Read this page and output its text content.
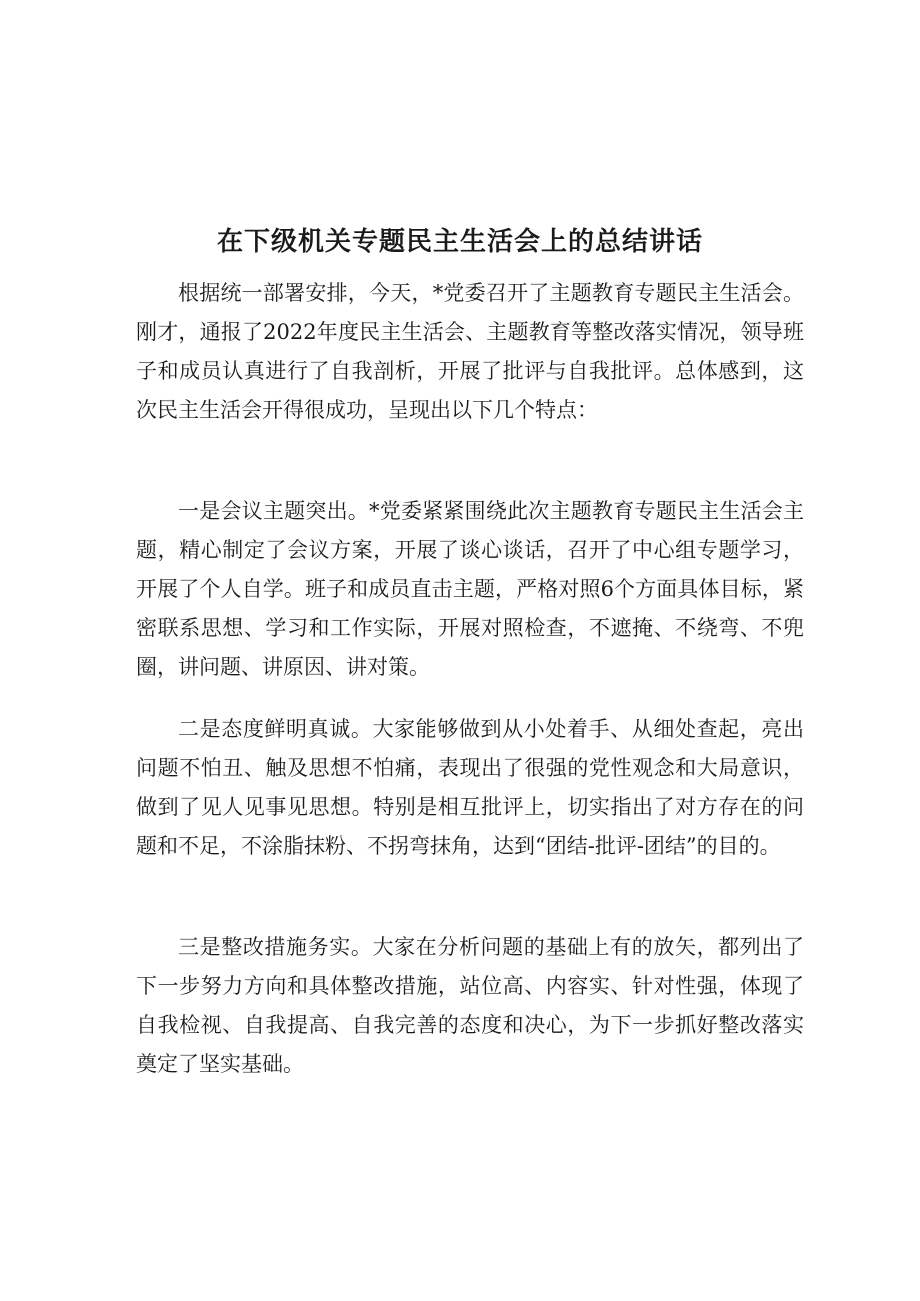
在下级机关专题民主生活会上的总结讲话

根据统一部署安排，今天，*党委召开了主题教育专题民主生活会。刚才，通报了2022年度民主生活会、主题教育等整改落实情况，领导班子和成员认真进行了自我剖析，开展了批评与自我批评。总体感到，这次民主生活会开得很成功，呈现出以下几个特点：

一是会议主题突出。*党委紧紧围绕此次主题教育专题民主生活会主题，精心制定了会议方案，开展了谈心谈话，召开了中心组专题学习，开展了个人自学。班子和成员直击主题，严格对照6个方面具体目标，紧密联系思想、学习和工作实际，开展对照检查，不遮掩、不绕弯、不兜圈，讲问题、讲原因、讲对策。

二是态度鲜明真诚。大家能够做到从小处着手、从细处查起，亮出问题不怕丑、触及思想不怕痛，表现出了很强的党性观念和大局意识，做到了见人见事见思想。特别是相互批评上，切实指出了对方存在的问题和不足，不涂脂抹粉、不拐弯抹角，达到“团结-批评-团结”的目的。

三是整改措施务实。大家在分析问题的基础上有的放矢，都列出了下一步努力方向和具体整改措施，站位高、内容实、针对性强，体现了自我检视、自我提高、自我完善的态度和决心，为下一步抓好整改落实奠定了坚实基础。
